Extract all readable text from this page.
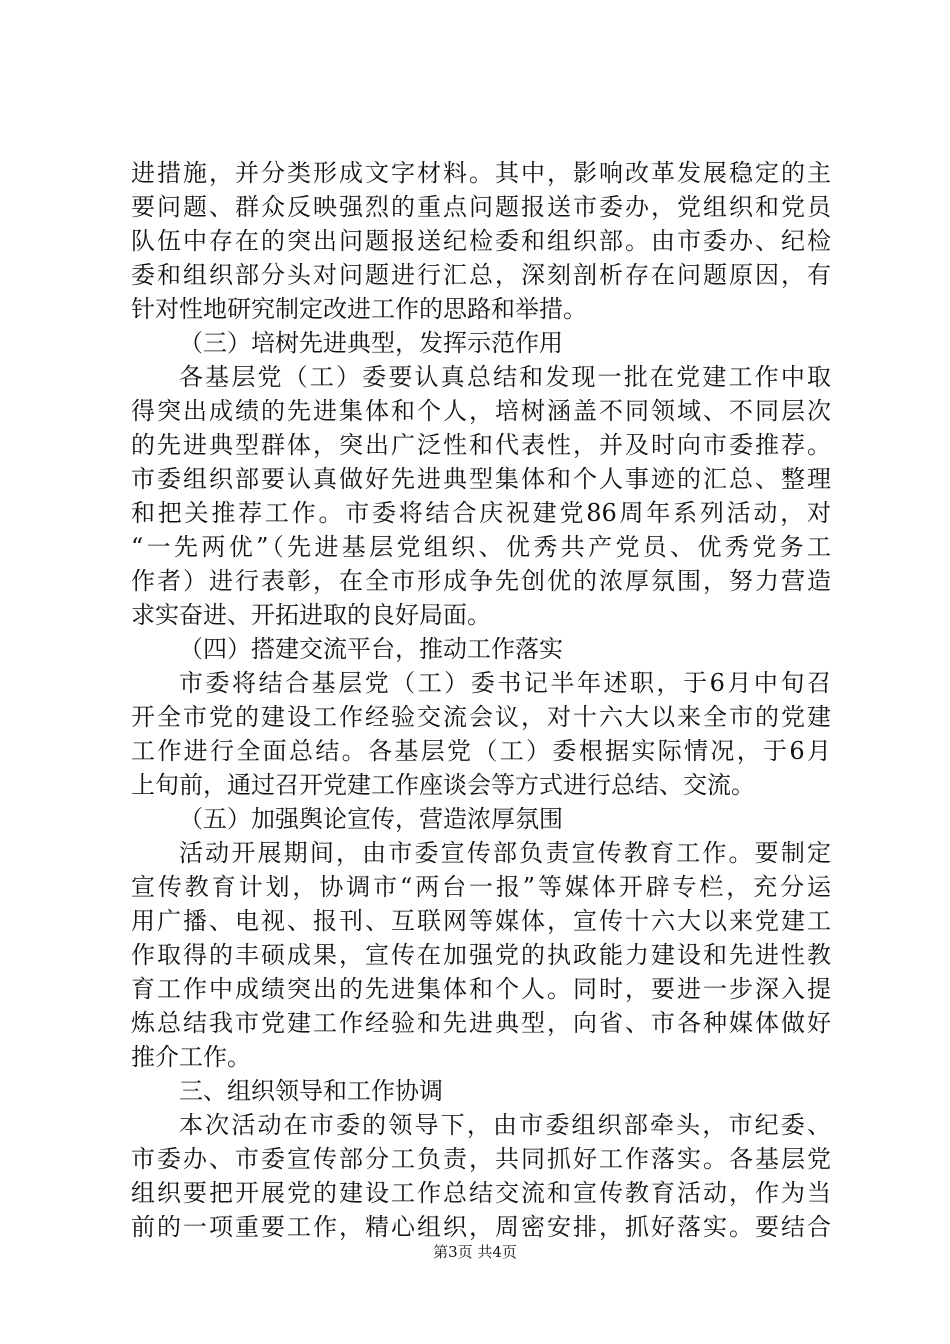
进措施，并分类形成文字材料。其中，影响改革发展稳定的主
要问题、群众反映强烈的重点问题报送市委办，党组织和党员
队伍中存在的突出问题报送纪检委和组织部。由市委办、纪检
委和组织部分头对问题进行汇总，深刻剖析存在问题原因，有
针对性地研究制定改进工作的思路和举措。
（三）培树先进典型，发挥示范作用
各基层党（工）委要认真总结和发现一批在党建工作中取
得突出成绩的先进集体和个人，培树涵盖不同领域、不同层次
的先进典型群体，突出广泛性和代表性，并及时向市委推荐。
市委组织部要认真做好先进典型集体和个人事迹的汇总、整理
和把关推荐工作。市委将结合庆祝建党86周年系列活动，对
“一先两优”（先进基层党组织、优秀共产党员、优秀党务工
作者）进行表彰，在全市形成争先创优的浓厚氛围，努力营造
求实奋进、开拓进取的良好局面。
（四）搭建交流平台，推动工作落实
市委将结合基层党（工）委书记半年述职，于6月中旬召
开全市党的建设工作经验交流会议，对十六大以来全市的党建
工作进行全面总结。各基层党（工）委根据实际情况，于6月
上旬前，通过召开党建工作座谈会等方式进行总结、交流。
（五）加强舆论宣传，营造浓厚氛围
活动开展期间，由市委宣传部负责宣传教育工作。要制定
宣传教育计划，协调市“两台一报”等媒体开辟专栏，充分运
用广播、电视、报刊、互联网等媒体，宣传十六大以来党建工
作取得的丰硕成果，宣传在加强党的执政能力建设和先进性教
育工作中成绩突出的先进集体和个人。同时，要进一步深入提
炼总结我市党建工作经验和先进典型，向省、市各种媒体做好
推介工作。
三、组织领导和工作协调
本次活动在市委的领导下，由市委组织部牵头，市纪委、
市委办、市委宣传部分工负责，共同抓好工作落实。各基层党
组织要把开展党的建设工作总结交流和宣传教育活动，作为当
前的一项重要工作，精心组织，周密安排，抓好落实。要结合
第3页 共4页
